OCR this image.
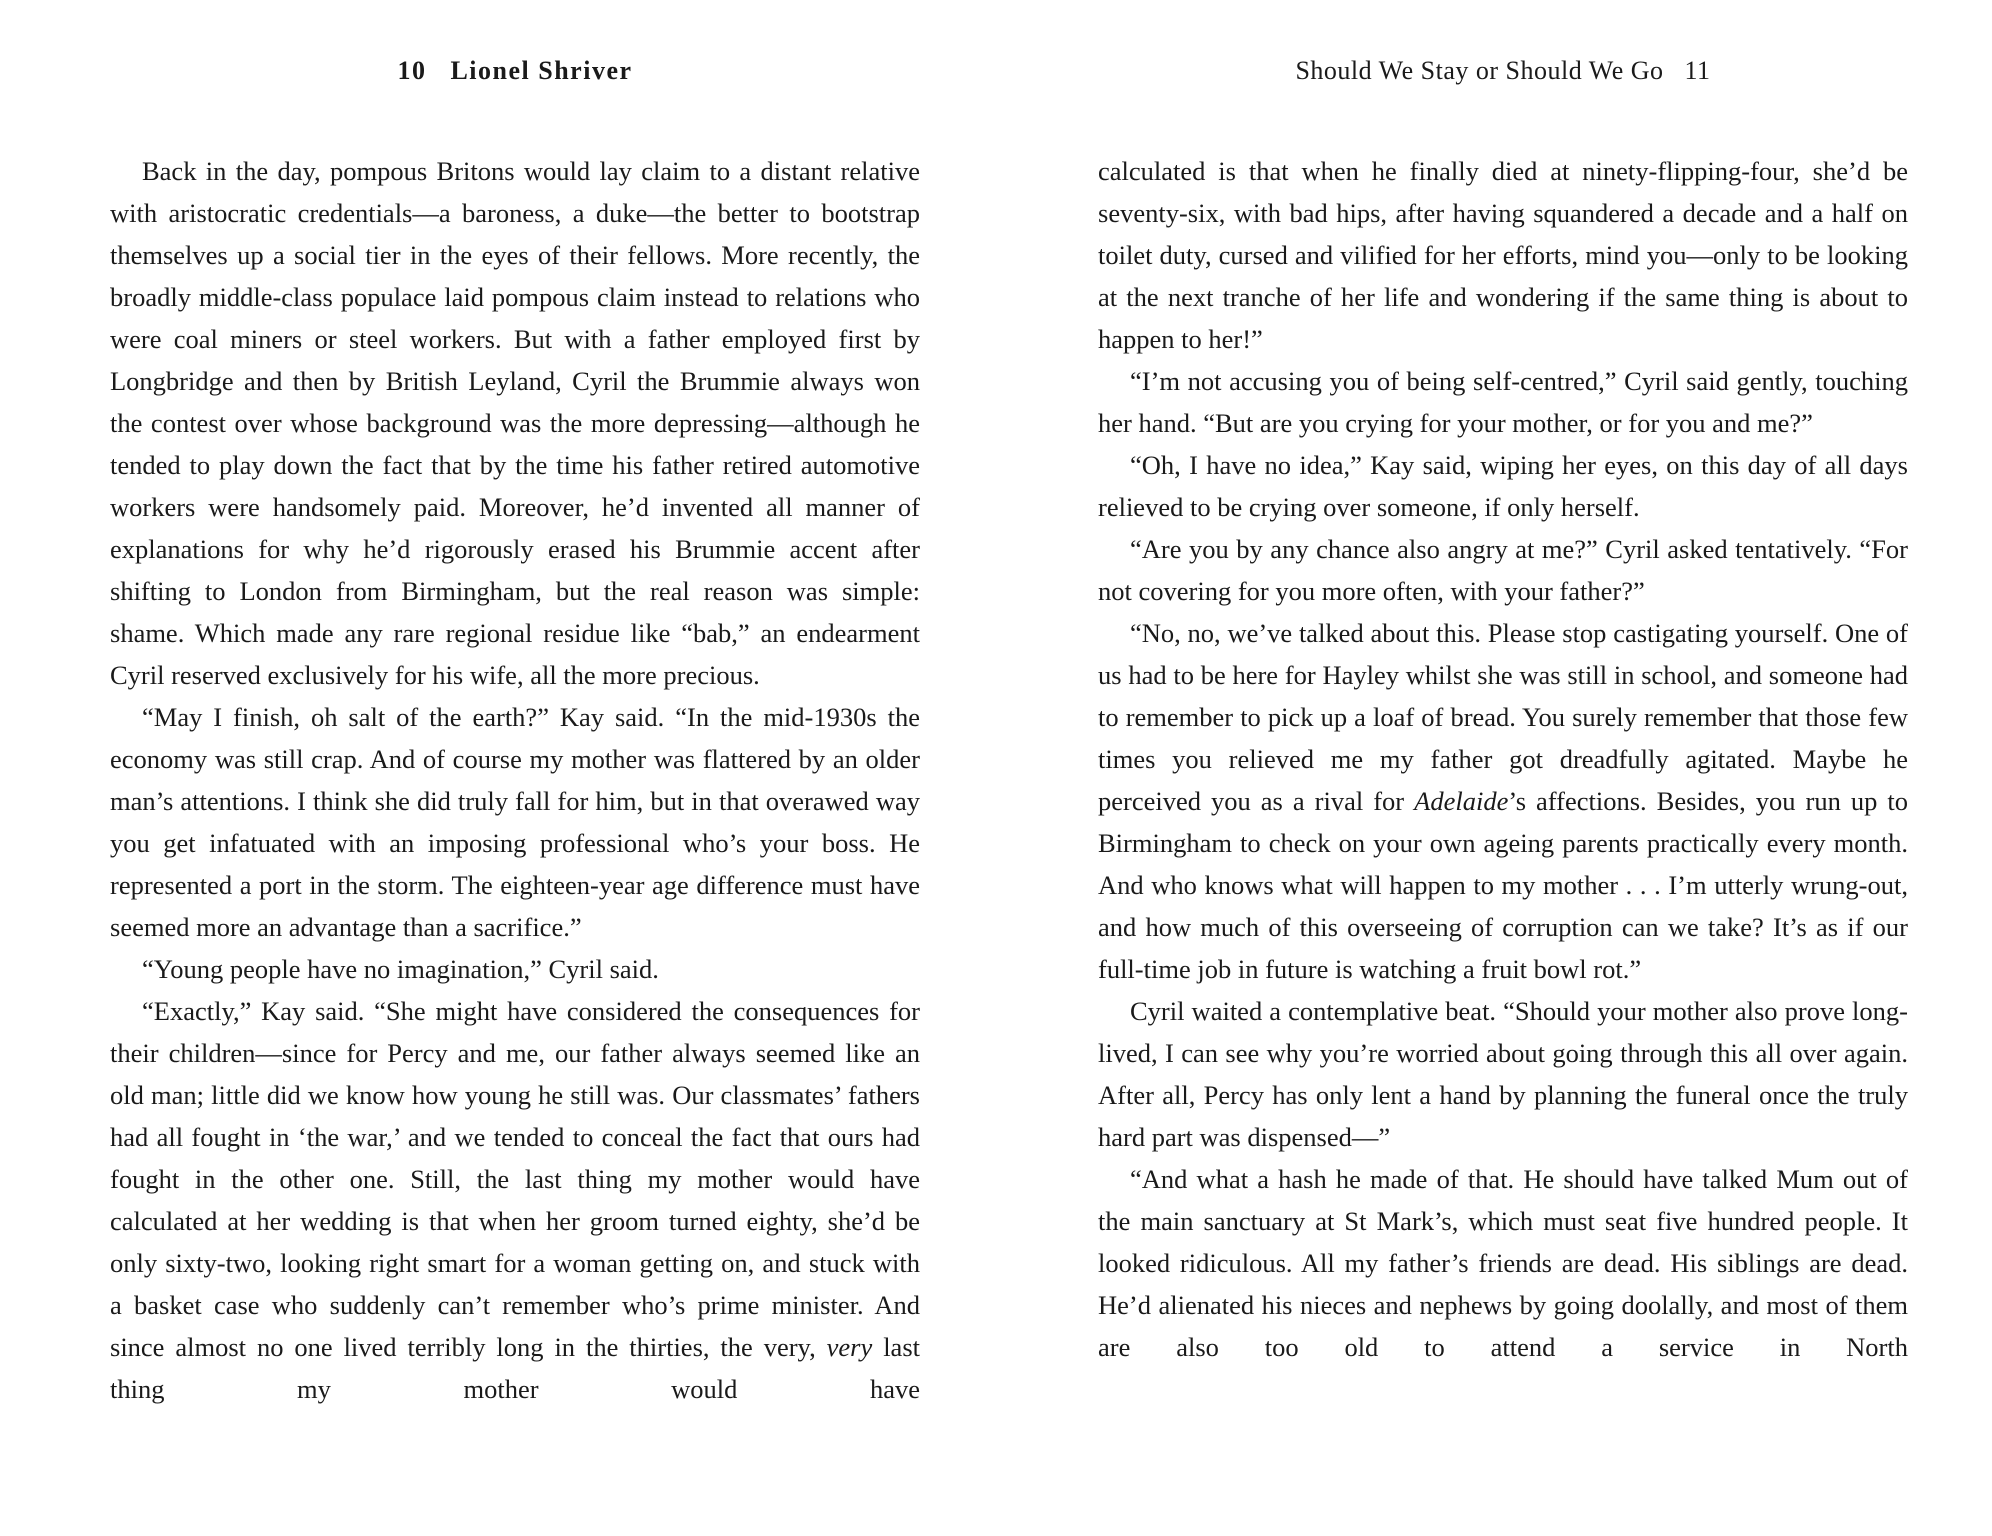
10   Lionel Shriver

Back in the day, pompous Britons would lay claim to a distant relative with aristocratic credentials—a baroness, a duke—the better to bootstrap themselves up a social tier in the eyes of their fellows. More recently, the broadly middle-class populace laid pompous claim instead to relations who were coal miners or steel workers. But with a father employed first by Longbridge and then by British Leyland, Cyril the Brummie always won the contest over whose background was the more depressing—although he tended to play down the fact that by the time his father retired automotive workers were handsomely paid. Moreover, he’d invented all manner of explanations for why he’d rigorously erased his Brummie accent after shifting to London from Birmingham, but the real reason was simple: shame. Which made any rare regional residue like “bab,” an endearment Cyril reserved exclusively for his wife, all the more precious.

“May I finish, oh salt of the earth?” Kay said. “In the mid-1930s the economy was still crap. And of course my mother was flattered by an older man’s attentions. I think she did truly fall for him, but in that overawed way you get infatuated with an imposing professional who’s your boss. He represented a port in the storm. The eighteen-year age difference must have seemed more an advantage than a sacrifice.”

“Young people have no imagination,” Cyril said.

“Exactly,” Kay said. “She might have considered the consequences for their children—since for Percy and me, our father always seemed like an old man; little did we know how young he still was. Our classmates’ fathers had all fought in ‘the war,’ and we tended to conceal the fact that ours had fought in the other one. Still, the last thing my mother would have calculated at her wedding is that when her groom turned eighty, she’d be only sixty-two, looking right smart for a woman getting on, and stuck with a basket case who suddenly can’t remember who’s prime minister. And since almost no one lived terribly long in the thirties, the very, very last thing my mother would have

Should We Stay or Should We Go   11

calculated is that when he finally died at ninety-flipping-four, she’d be seventy-six, with bad hips, after having squandered a decade and a half on toilet duty, cursed and vilified for her efforts, mind you—only to be looking at the next tranche of her life and wondering if the same thing is about to happen to her!”

“I’m not accusing you of being self-centred,” Cyril said gently, touching her hand. “But are you crying for your mother, or for you and me?”

“Oh, I have no idea,” Kay said, wiping her eyes, on this day of all days relieved to be crying over someone, if only herself.

“Are you by any chance also angry at me?” Cyril asked tentatively. “For not covering for you more often, with your father?”

“No, no, we’ve talked about this. Please stop castigating yourself. One of us had to be here for Hayley whilst she was still in school, and someone had to remember to pick up a loaf of bread. You surely remember that those few times you relieved me my father got dreadfully agitated. Maybe he perceived you as a rival for Adelaide’s affections. Besides, you run up to Birmingham to check on your own ageing parents practically every month. And who knows what will happen to my mother . . . I’m utterly wrung-out, and how much of this overseeing of corruption can we take? It’s as if our full-time job in future is watching a fruit bowl rot.”

Cyril waited a contemplative beat. “Should your mother also prove long-lived, I can see why you’re worried about going through this all over again. After all, Percy has only lent a hand by planning the funeral once the truly hard part was dispensed—”

“And what a hash he made of that. He should have talked Mum out of the main sanctuary at St Mark’s, which must seat five hundred people. It looked ridiculous. All my father’s friends are dead. His siblings are dead. He’d alienated his nieces and nephews by going doolally, and most of them are also too old to attend a service in North
